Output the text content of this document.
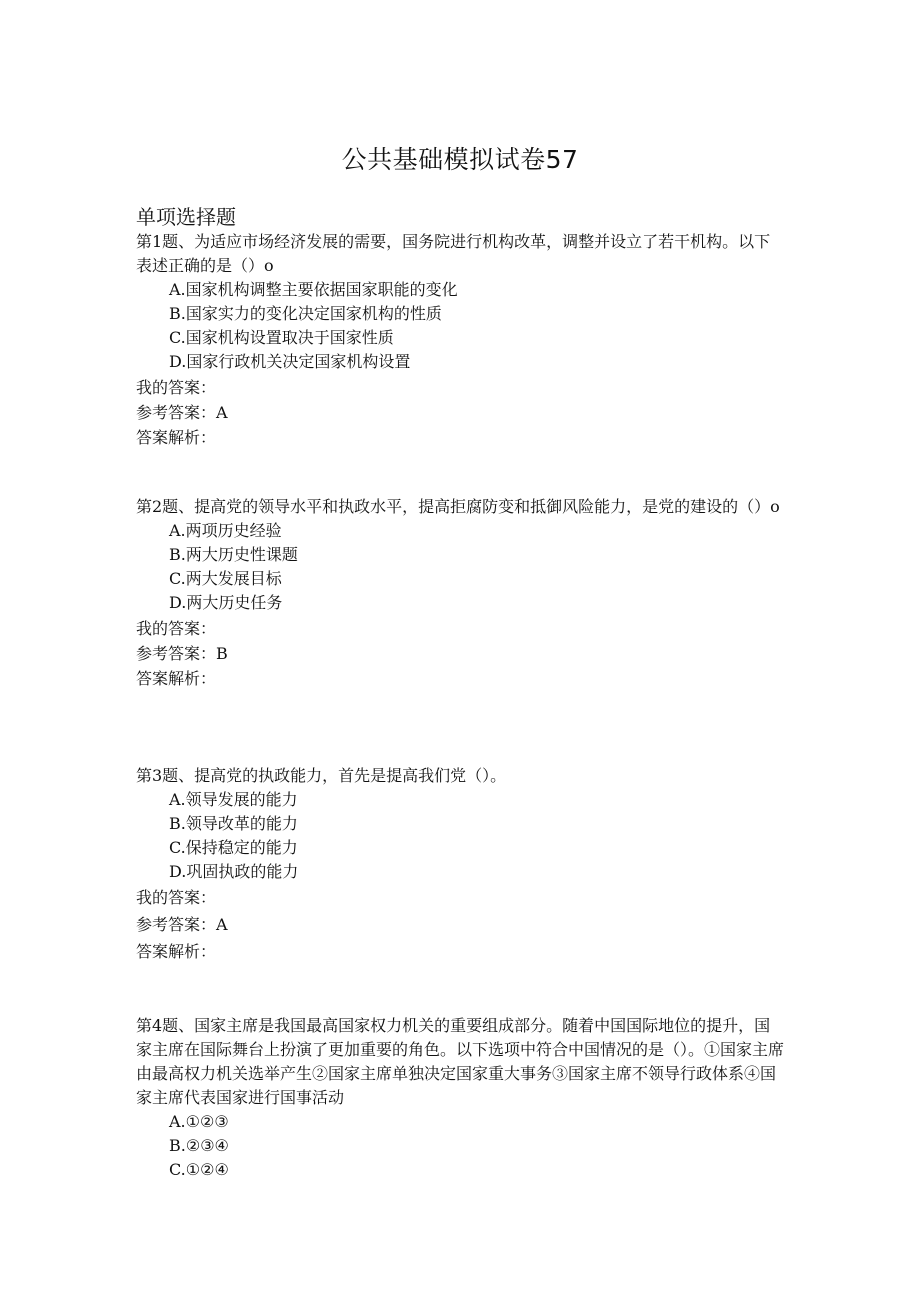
公共基础模拟试卷57
单项选择题

第1题、为适应市场经济发展的需要，国务院进行机构改革，调整并设立了若干机构。以下表述正确的是（）o

A.国家机构调整主要依据国家职能的变化
B.国家实力的变化决定国家机构的性质
C.国家机构设置取决于国家性质
D.国家行政机关决定国家机构设置
我的答案：
参考答案：A
答案解析：

第2题、提高党的领导水平和执政水平，提高拒腐防变和抵御风险能力，是党的建设的（）o

A.两项历史经验
B.两大历史性课题
C.两大发展目标
D.两大历史任务
我的答案：
参考答案：B
答案解析：

第3题、提高党的执政能力，首先是提高我们党（）。

A.领导发展的能力
B.领导改革的能力
C.保持稳定的能力
D.巩固执政的能力
我的答案：
参考答案：A
答案解析：

第4题、国家主席是我国最高国家权力机关的重要组成部分。随着中国国际地位的提升，国家主席在国际舞台上扮演了更加重要的角色。以下选项中符合中国情况的是（）。①国家主席由最高权力机关选举产生②国家主席单独决定国家重大事务③国家主席不领导行政体系④国家主席代表国家进行国事活动

A.①②③
B.②③④
C.①②④
